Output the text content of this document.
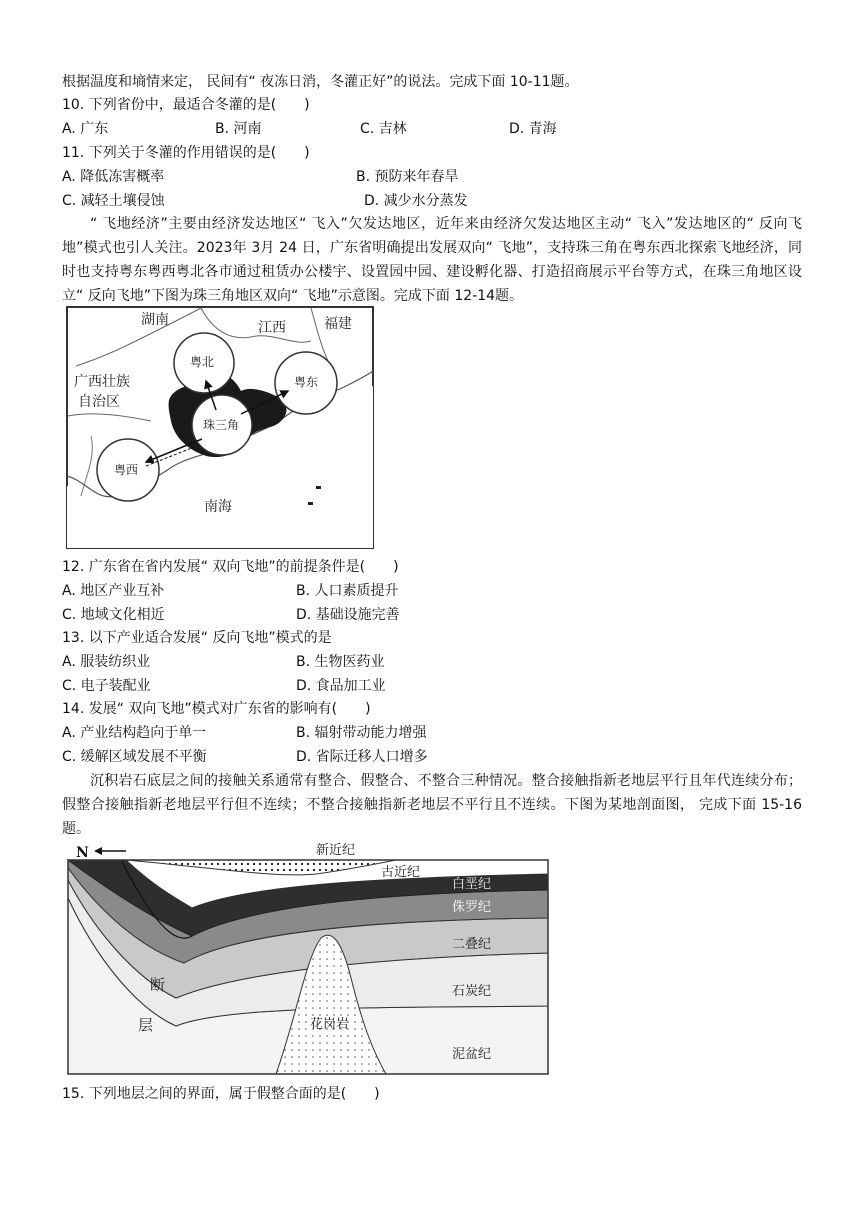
根据温度和墒情来定， 民间有“ 夜冻日消，冬灌正好”的说法。完成下面 10-11题。
10. 下列省份中，最适合冬灌的是(　　)
A. 广东	B. 河南	C. 吉林	D. 青海
11. 下列关于冬灌的作用错误的是(　　)
A. 降低冻害概率	B. 预防来年春旱
C. 减轻土壤侵蚀	D. 减少水分蒸发
“ 飞地经济”主要由经济发达地区“ 飞入”欠发达地区，近年来由经济欠发达地区主动“ 飞入”发达地区的“ 反向飞地”模式也引人关注。2023年 3月 24 日，广东省明确提出发展双向“ 飞地”，支持珠三角在粤东西北探索飞地经济，同时也支持粤东粤西粤北各市通过租赁办公楼宇、设置园中园、建设孵化器、打造招商展示平台等方式，在珠三角地区设立“ 反向飞地”下图为珠三角地区双向“ 飞地”示意图。完成下面 12-14题。
湖南	江西	福建
广西壮族
自治区
粤北
粤东
珠三角
粤西
南海
12. 广东省在省内发展“ 双向飞地”的前提条件是(　　)
A. 地区产业互补	B. 人口素质提升
C. 地域文化相近	D. 基础设施完善
13. 以下产业适合发展“ 反向飞地”模式的是
A. 服装纺织业	B. 生物医药业
C. 电子装配业	D. 食品加工业
14. 发展“ 双向飞地”模式对广东省的影响有(　　)
A. 产业结构趋向于单一	B. 辐射带动能力增强
C. 缓解区域发展不平衡	D. 省际迁移人口增多
沉积岩石底层之间的接触关系通常有整合、假整合、不整合三种情况。整合接触指新老地层平行且年代连续分布；假整合接触指新老地层平行但不连续；不整合接触指新老地层不平行且不连续。下图为某地剖面图， 完成下面 15-16题。
N	新近纪
古近纪
白垩纪
侏罗纪
二叠纪
石炭纪
泥盆纪
花岗岩
断
层
15. 下列地层之间的界面，属于假整合面的是(　　)
